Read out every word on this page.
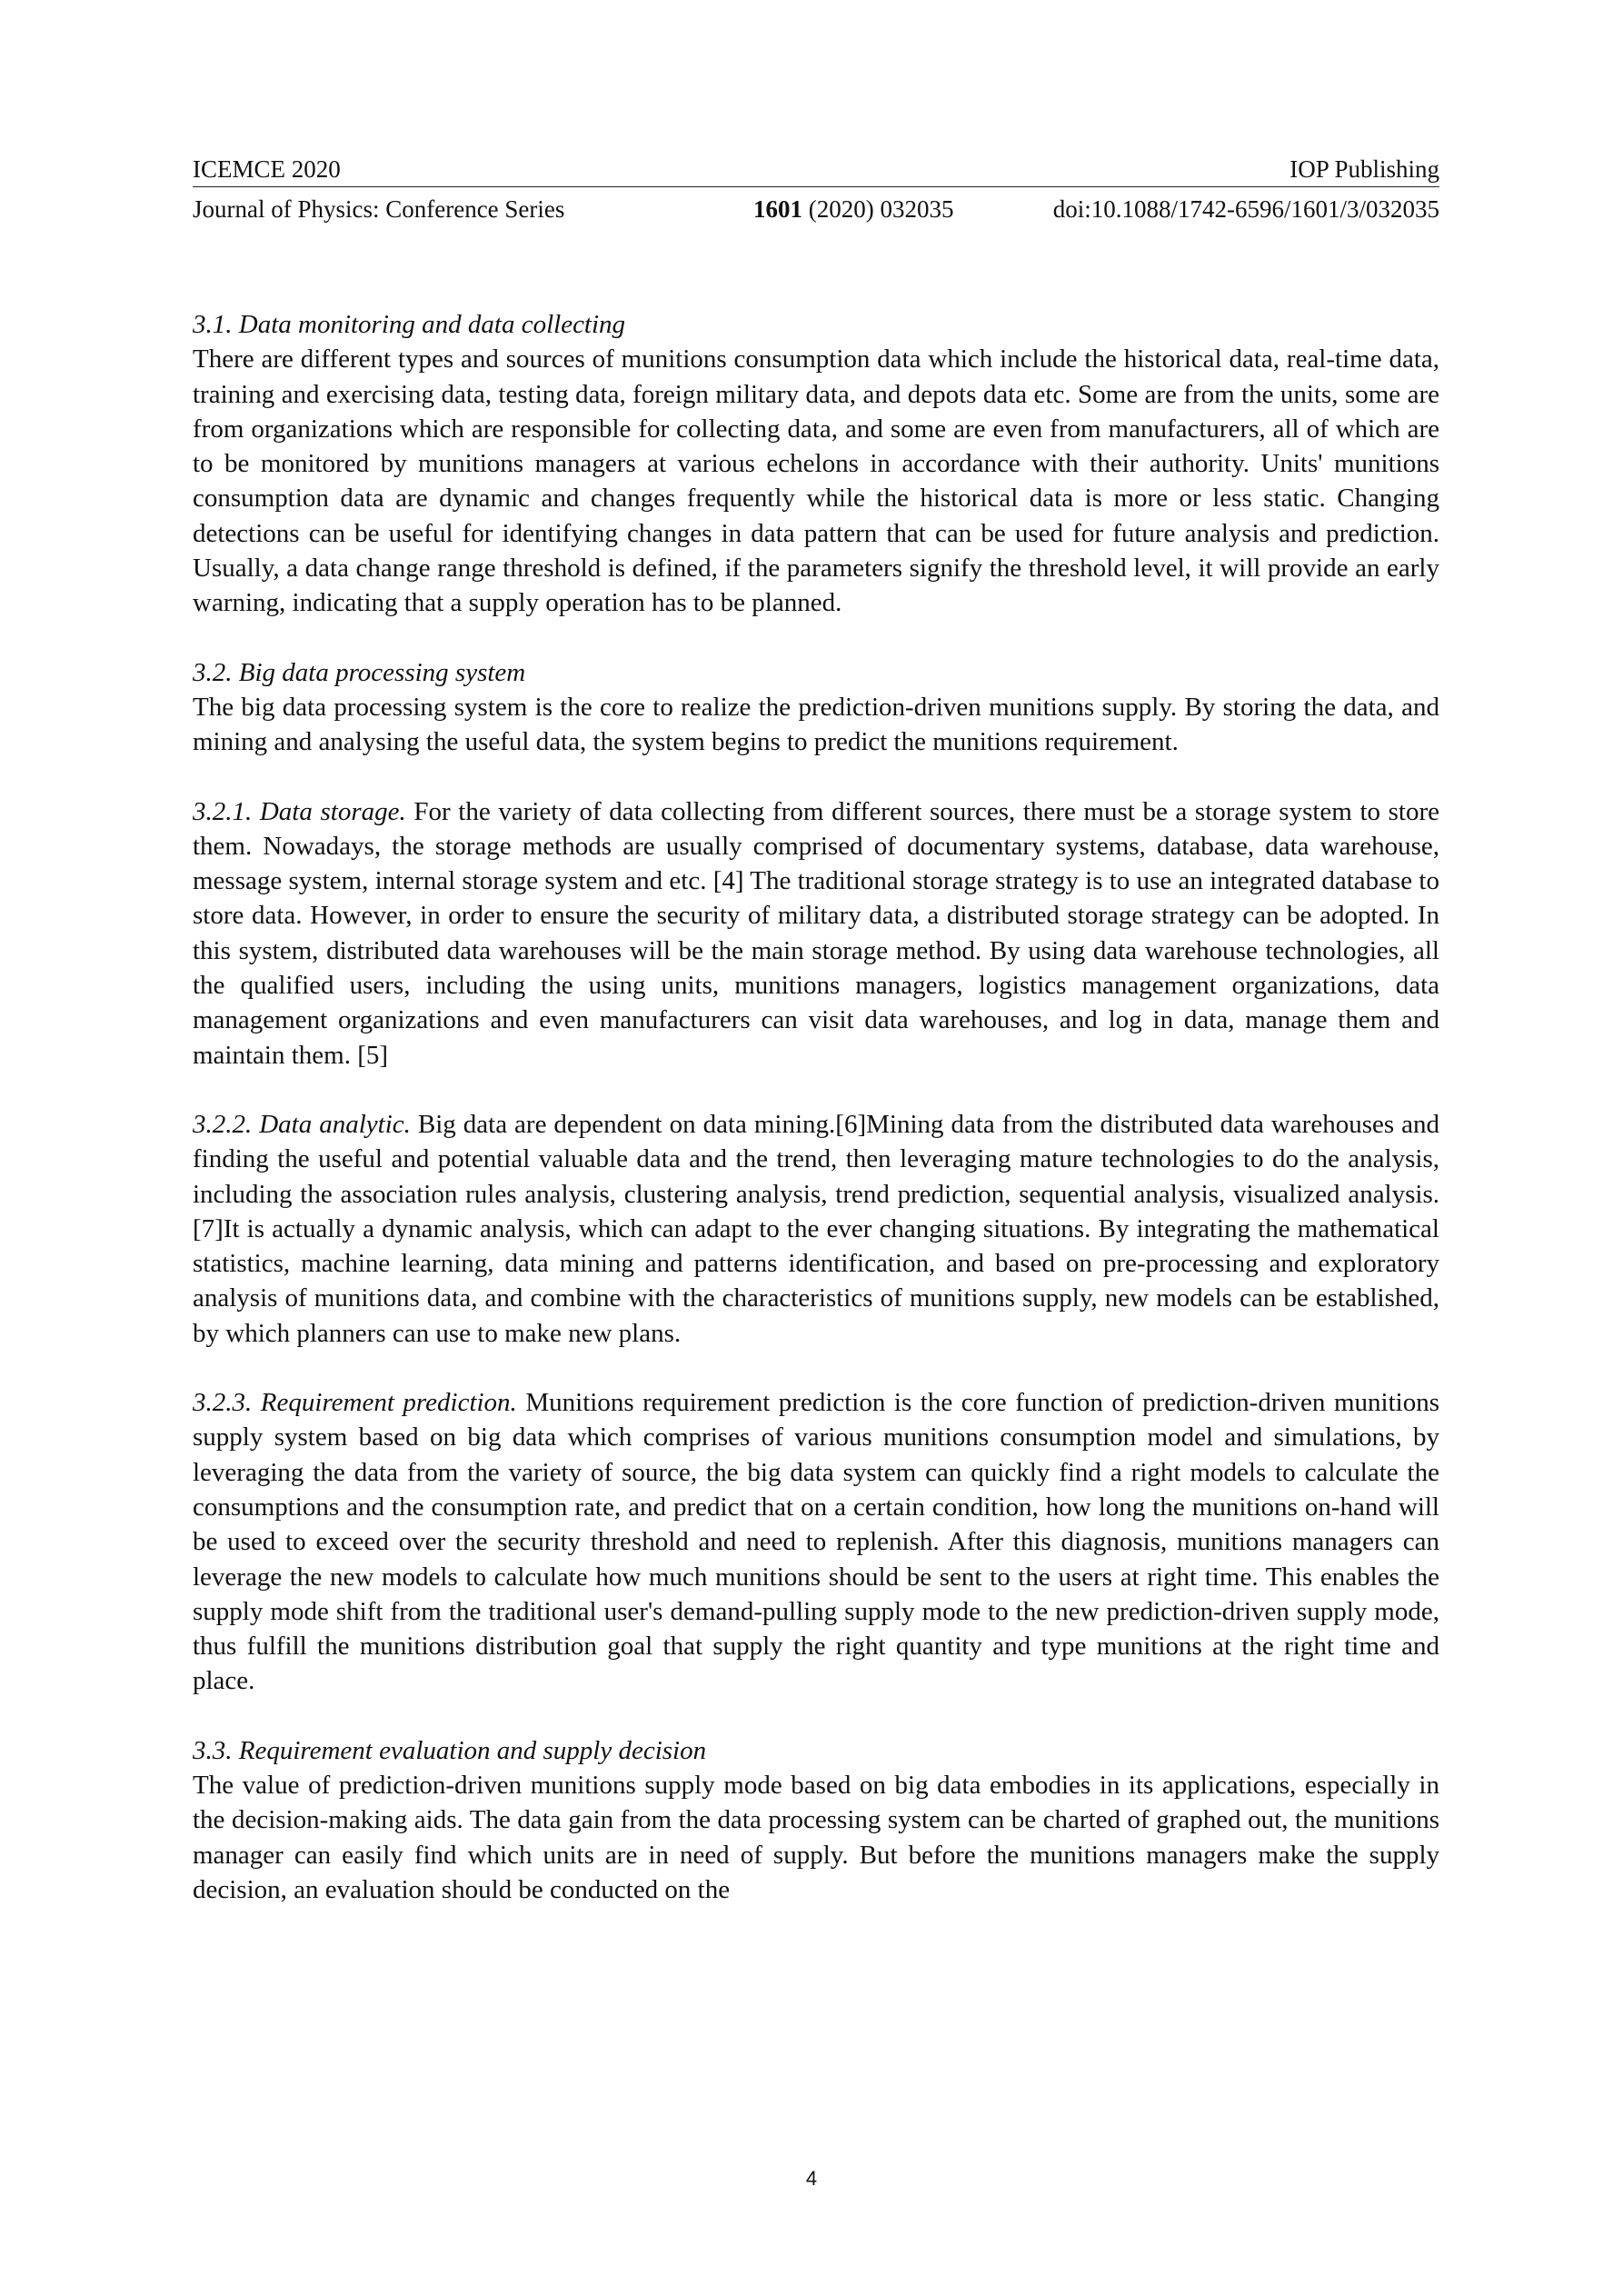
ICEMCE 2020	IOP Publishing
Journal of Physics: Conference Series	1601 (2020) 032035	doi:10.1088/1742-6596/1601/3/032035

3.1. Data monitoring and data collecting

There are different types and sources of munitions consumption data which include the historical data, real-time data, training and exercising data, testing data, foreign military data, and depots data etc. Some are from the units, some are from organizations which are responsible for collecting data, and some are even from manufacturers, all of which are to be monitored by munitions managers at various echelons in accordance with their authority. Units' munitions consumption data are dynamic and changes frequently while the historical data is more or less static. Changing detections can be useful for identifying changes in data pattern that can be used for future analysis and prediction. Usually, a data change range threshold is defined, if the parameters signify the threshold level, it will provide an early warning, indicating that a supply operation has to be planned.

3.2. Big data processing system

The big data processing system is the core to realize the prediction-driven munitions supply. By storing the data, and mining and analysing the useful data, the system begins to predict the munitions requirement.

3.2.1. Data storage. For the variety of data collecting from different sources, there must be a storage system to store them. Nowadays, the storage methods are usually comprised of documentary systems, database, data warehouse, message system, internal storage system and etc. [4] The traditional storage strategy is to use an integrated database to store data. However, in order to ensure the security of military data, a distributed storage strategy can be adopted. In this system, distributed data warehouses will be the main storage method. By using data warehouse technologies, all the qualified users, including the using units, munitions managers, logistics management organizations, data management organizations and even manufacturers can visit data warehouses, and log in data, manage them and maintain them. [5]

3.2.2. Data analytic. Big data are dependent on data mining.[6]Mining data from the distributed data warehouses and finding the useful and potential valuable data and the trend, then leveraging mature technologies to do the analysis, including the association rules analysis, clustering analysis, trend prediction, sequential analysis, visualized analysis.[7]It is actually a dynamic analysis, which can adapt to the ever changing situations. By integrating the mathematical statistics, machine learning, data mining and patterns identification, and based on pre-processing and exploratory analysis of munitions data, and combine with the characteristics of munitions supply, new models can be established, by which planners can use to make new plans.

3.2.3. Requirement prediction. Munitions requirement prediction is the core function of prediction-driven munitions supply system based on big data which comprises of various munitions consumption model and simulations, by leveraging the data from the variety of source, the big data system can quickly find a right models to calculate the consumptions and the consumption rate, and predict that on a certain condition, how long the munitions on-hand will be used to exceed over the security threshold and need to replenish. After this diagnosis, munitions managers can leverage the new models to calculate how much munitions should be sent to the users at right time. This enables the supply mode shift from the traditional user's demand-pulling supply mode to the new prediction-driven supply mode, thus fulfill the munitions distribution goal that supply the right quantity and type munitions at the right time and place.

3.3. Requirement evaluation and supply decision

The value of prediction-driven munitions supply mode based on big data embodies in its applications, especially in the decision-making aids. The data gain from the data processing system can be charted of graphed out, the munitions manager can easily find which units are in need of supply. But before the munitions managers make the supply decision, an evaluation should be conducted on the

4
